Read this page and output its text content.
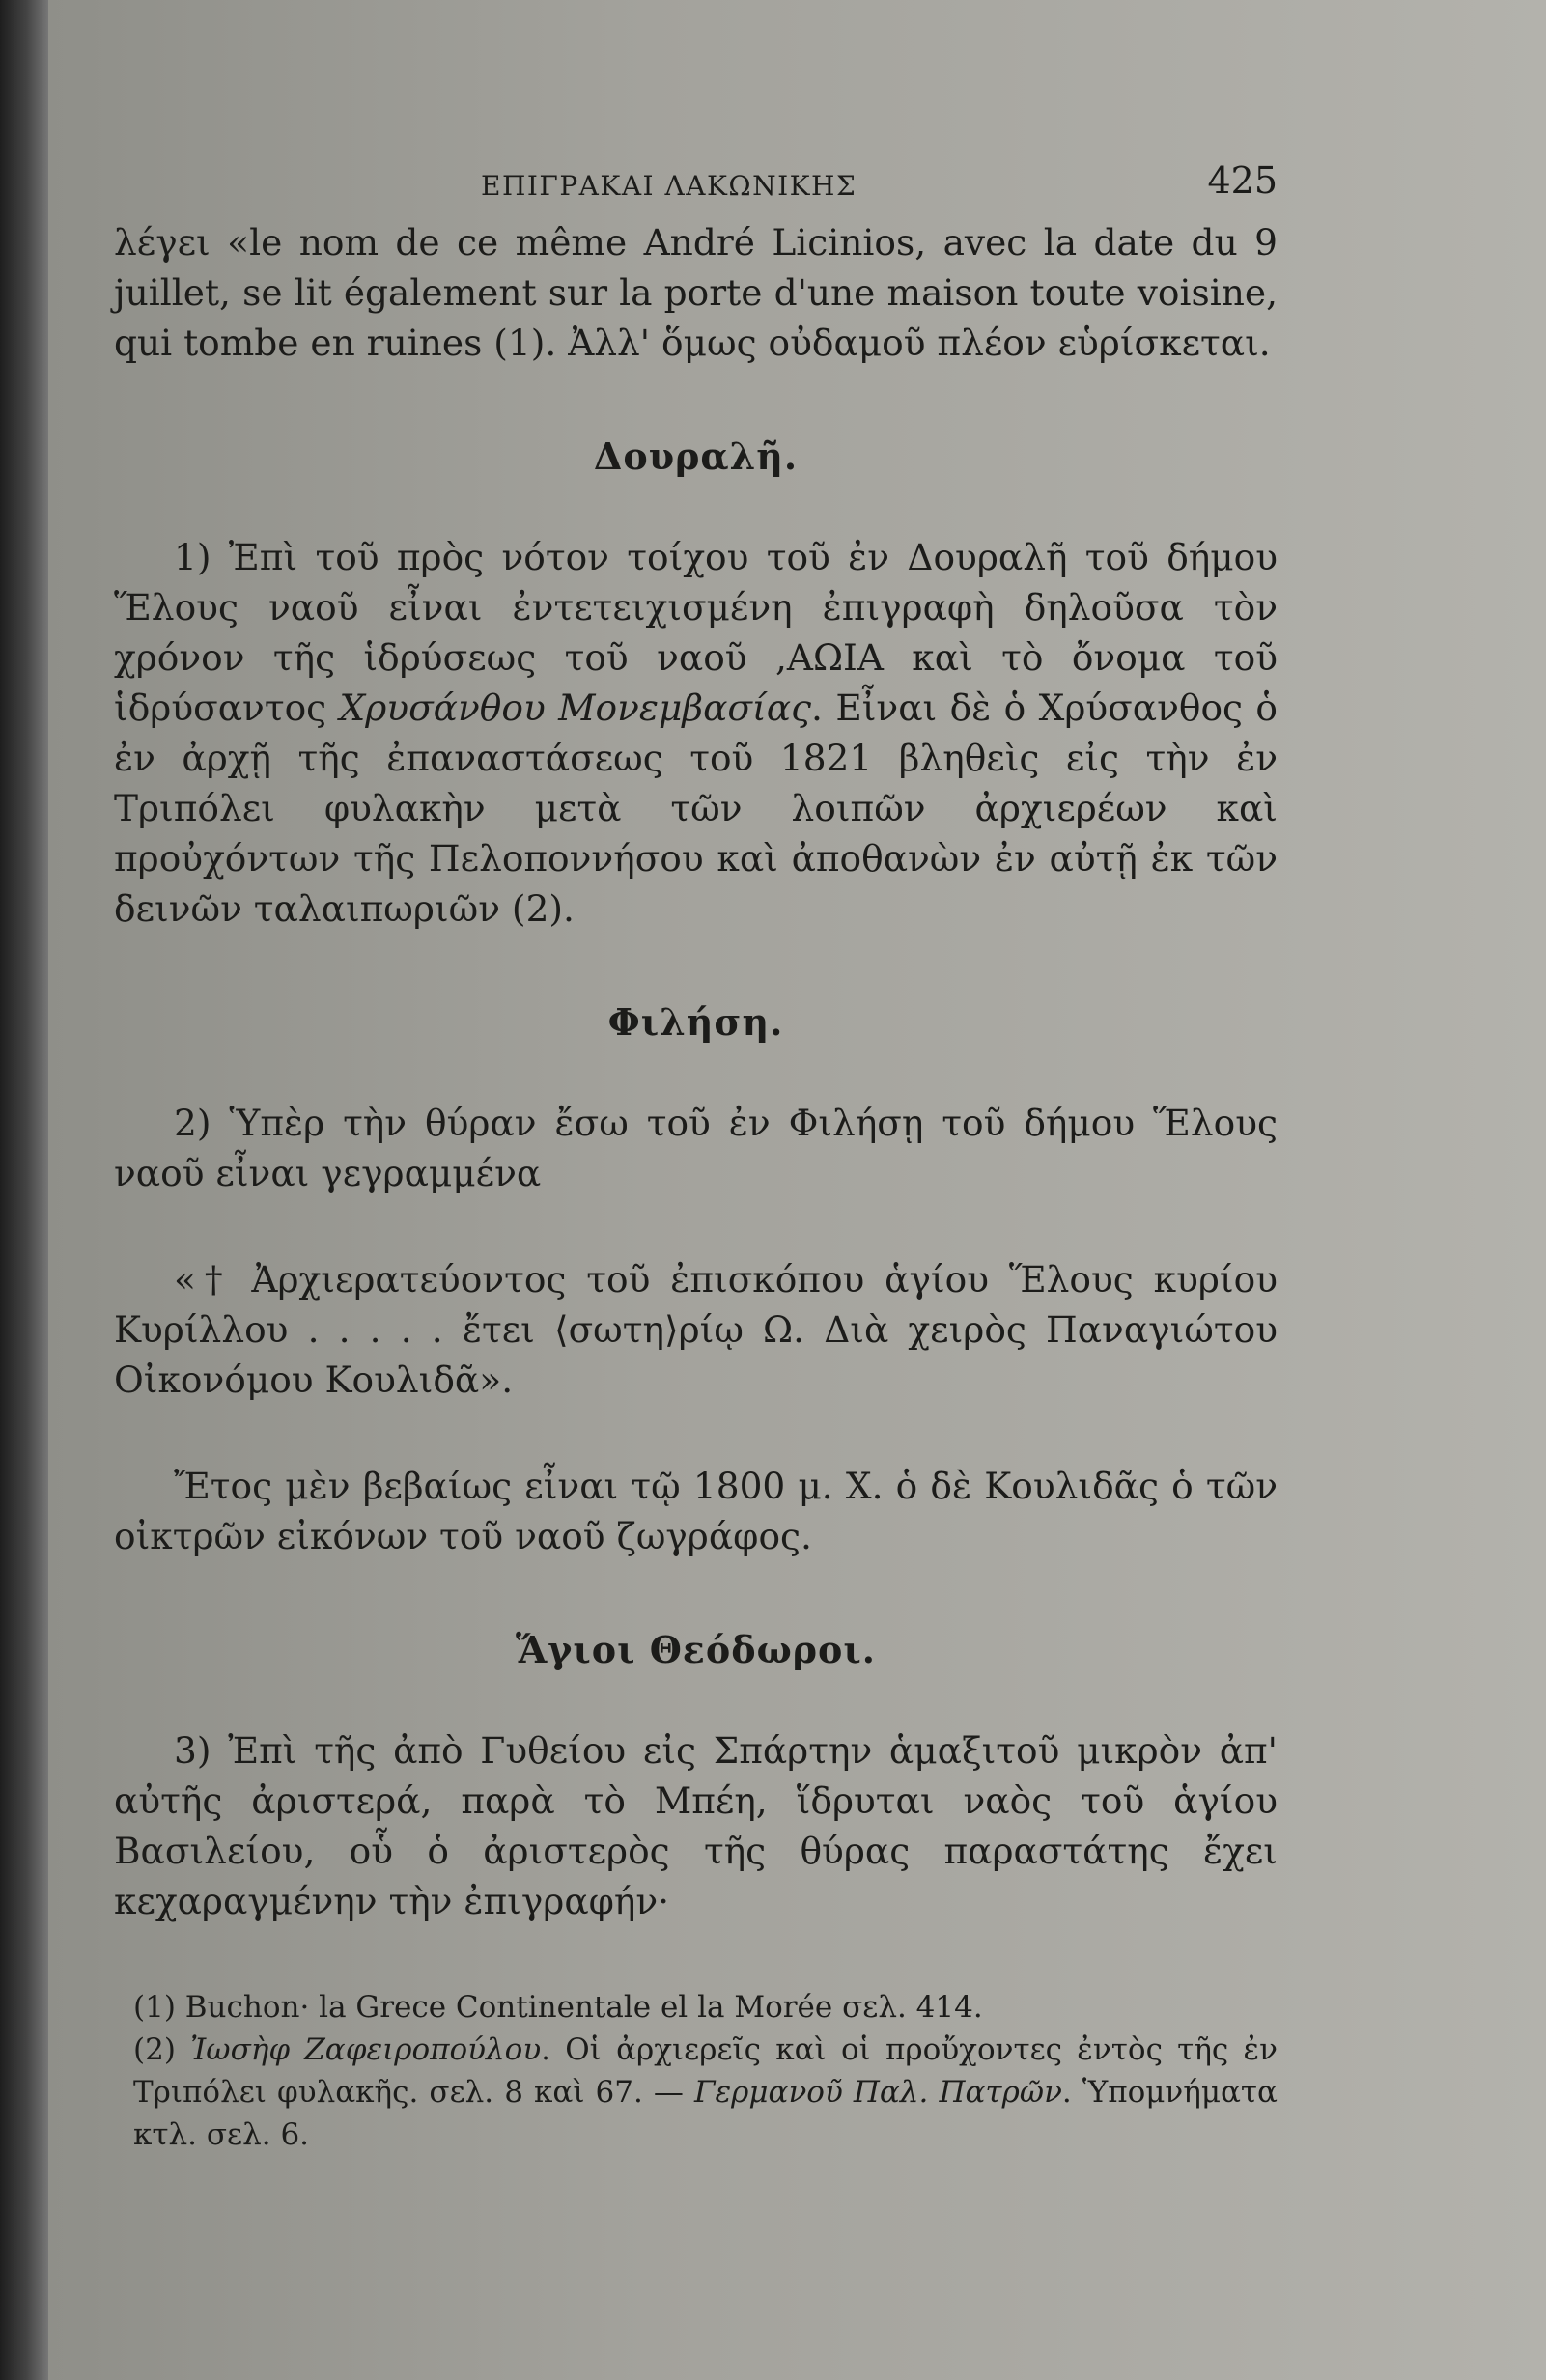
ΕΠΙΓΡΑΚΑΙ ΛΑΚΩΝΙΚΗΣ	425

λέγει «le nom de ce même André Licinios, avec la date du 9 juillet, se lit également sur la porte d'une maison toute voisine, qui tombe en ruines (1). Ἀλλ' ὅμως οὐδαμοῦ πλέον εὑρίσκεται.

Δουραλῆ.

1) Ἐπὶ τοῦ πρὸς νότον τοίχου τοῦ ἐν Δουραλῆ τοῦ δήμου Ἕλους ναοῦ εἶναι ἐντετειχισμένη ἐπιγραφὴ δηλοῦσα τὸν χρόνον τῆς ἱδρύσεως τοῦ ναοῦ ,ΑΩΙΑ καὶ τὸ ὄνομα τοῦ ἱδρύσαντος Χρυσάνθου Μονεμβασίας. Εἶναι δὲ ὁ Χρύσανθος ὁ ἐν ἀρχῇ τῆς ἐπαναστάσεως τοῦ 1821 βληθεὶς εἰς τὴν ἐν Τριπόλει φυλακὴν μετὰ τῶν λοιπῶν ἀρχιερέων καὶ προὐχόντων τῆς Πελοποννήσου καὶ ἀποθανὼν ἐν αὐτῇ ἐκ τῶν δεινῶν ταλαιπωριῶν (2).

Φιλήση.

2) Ὑπὲρ τὴν θύραν ἔσω τοῦ ἐν Φιλήσῃ τοῦ δήμου Ἕλους ναοῦ εἶναι γεγραμμένα

«† Ἀρχιερατεύοντος τοῦ ἐπισκόπου ἁγίου Ἕλους κυρίου Κυρίλλου . . . . . ἔτει ⟨σωτη⟩ρίῳ Ω. Διὰ χειρὸς Παναγιώτου Οἰκονόμου Κουλιδᾶ».

Ἔτος μὲν βεβαίως εἶναι τῷ 1800 μ. Χ. ὁ δὲ Κουλιδᾶς ὁ τῶν οἰκτρῶν εἰκόνων τοῦ ναοῦ ζωγράφος.

Ἅγιοι Θεόδωροι.

3) Ἐπὶ τῆς ἀπὸ Γυθείου εἰς Σπάρτην ἁμαξιτοῦ μικρὸν ἀπ' αὐτῆς ἀριστερά, παρὰ τὸ Μπέη, ἵδρυται ναὸς τοῦ ἁγίου Βασιλείου, οὗ ὁ ἀριστερὸς τῆς θύρας παραστάτης ἔχει κεχαραγμένην τὴν ἐπιγραφήν·

(1) Buchon· la Grece Continentale el la Morée σελ. 414.

(2) Ἰωσὴφ Ζαφειροπούλου. Οἱ ἀρχιερεῖς καὶ οἱ προὔχοντες ἐντὸς τῆς ἐν Τριπόλει φυλακῆς. σελ. 8 καὶ 67. — Γερμανοῦ Παλ. Πατρῶν. Ὑπομνήματα κτλ. σελ. 6.
